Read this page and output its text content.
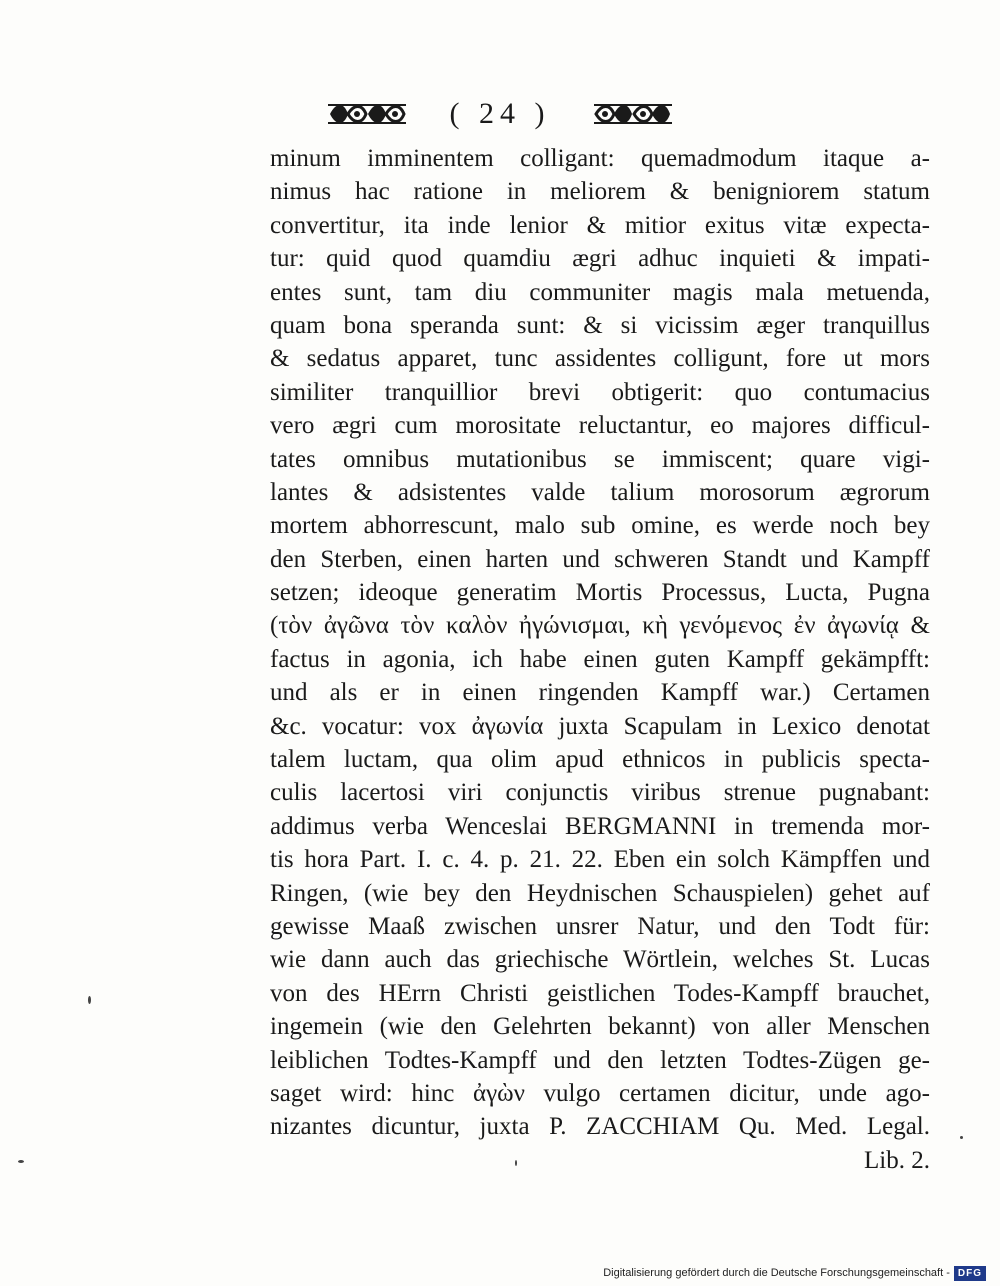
( 24 )
minum imminentem colligant: quemadmodum itaque a-
nimus hac ratione in meliorem & benigniorem statum
convertitur, ita inde lenior & mitior exitus vitæ expecta-
tur: quid quod quamdiu ægri adhuc inquieti & impati-
entes sunt, tam diu communiter magis mala metuenda,
quam bona speranda sunt: & si vicissim æger tranquillus
& sedatus apparet, tunc assidentes colligunt, fore ut mors
similiter tranquillior brevi obtigerit: quo contumacius
vero ægri cum morositate reluctantur, eo majores difficul-
tates omnibus mutationibus se immiscent; quare vigi-
lantes & adsistentes valde talium morosorum ægrorum
mortem abhorrescunt, malo sub omine, es werde noch bey
den Sterben, einen harten und schweren Standt und Kampff
setzen; ideoque generatim Mortis Processus, Lucta, Pugna
(τὸν ἀγῶνα τὸν καλὸν ἠγώνισμαι, κὴ γενόμενος ἐν ἀγωνίᾳ &
factus in agonia, ich habe einen guten Kampff gekämpfft:
und als er in einen ringenden Kampff war.) Certamen
&c. vocatur: vox ἀγωνία juxta Scapulam in Lexico denotat
talem luctam, qua olim apud ethnicos in publicis specta-
culis lacertosi viri conjunctis viribus strenue pugnabant:
addimus verba Wenceslai BERGMANNI in tremenda mor-
tis hora Part. I. c. 4. p. 21. 22. Eben ein solch Kämpffen und
Ringen, (wie bey den Heydnischen Schauspielen) gehet auf
gewisse Maaß zwischen unsrer Natur, und den Todt für:
wie dann auch das griechische Wörtlein, welches St. Lucas
von des HErrn Christi geistlichen Todes-Kampff brauchet,
ingemein (wie den Gelehrten bekannt) von aller Menschen
leiblichen Todtes-Kampff und den letzten Todtes-Zügen ge-
saget wird: hinc ἀγὼν vulgo certamen dicitur, unde ago-
nizantes dicuntur, juxta P. ZACCHIAM Qu. Med. Legal.
Lib. 2.
Digitalisierung gefördert durch die Deutsche Forschungsgemeinschaft - DFG
